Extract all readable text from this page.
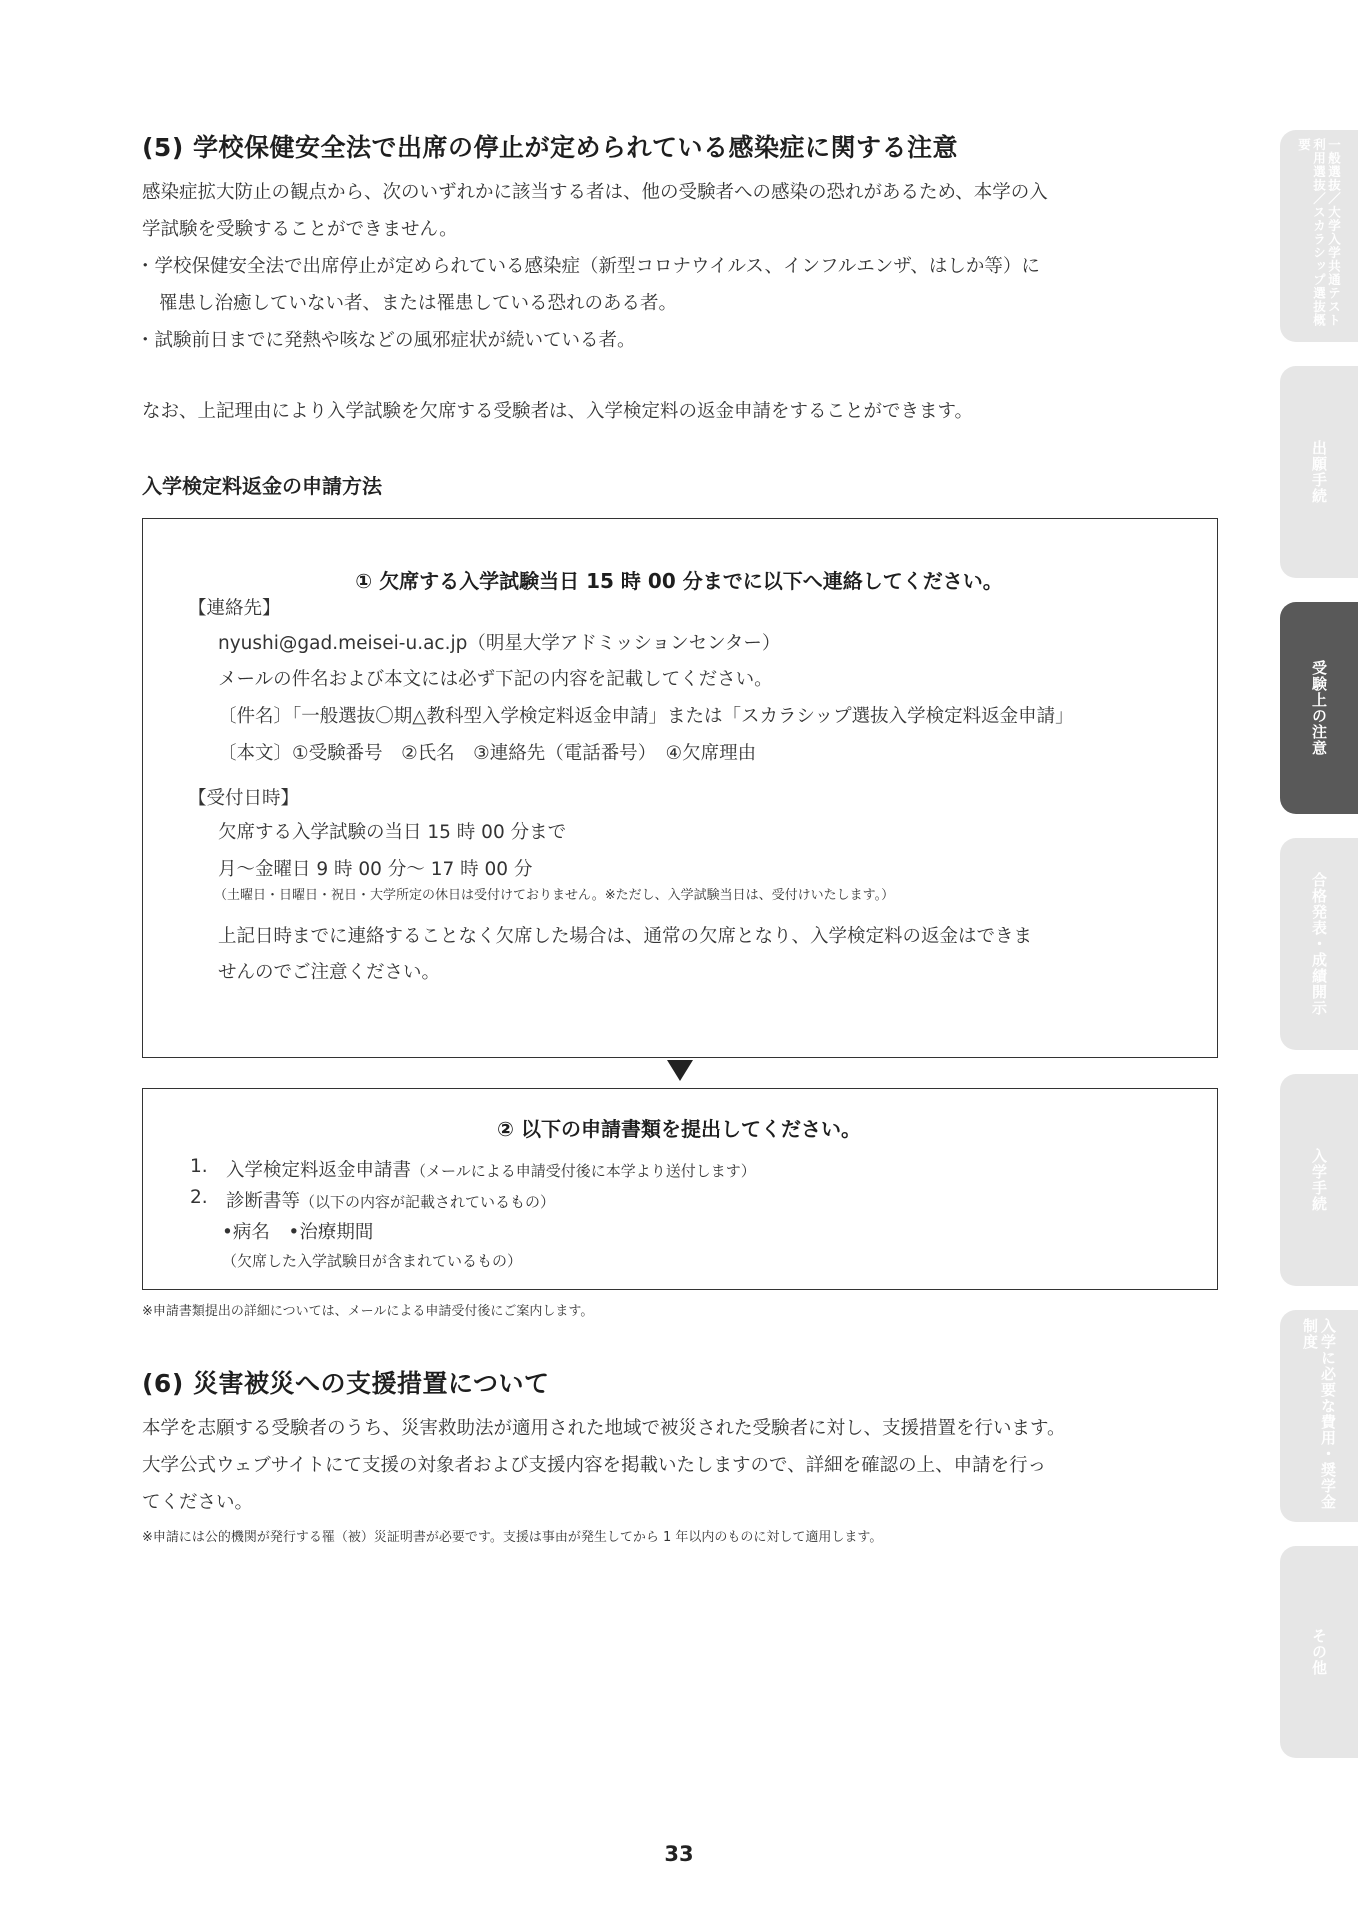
(5) 学校保健安全法で出席の停止が定められている感染症に関する注意
感染症拡大防止の観点から、次のいずれかに該当する者は、他の受験者への感染の恐れがあるため、本学の入
学試験を受験することができません。
・学校保健安全法で出席停止が定められている感染症（新型コロナウイルス、インフルエンザ、はしか等）に
罹患し治癒していない者、または罹患している恐れのある者。
・試験前日までに発熱や咳などの風邪症状が続いている者。
なお、上記理由により入学試験を欠席する受験者は、入学検定料の返金申請をすることができます。
入学検定料返金の申請方法
① 欠席する入学試験当日 15 時 00 分までに以下へ連絡してください。
【連絡先】
nyushi@gad.meisei-u.ac.jp（明星大学アドミッションセンター）
メールの件名および本文には必ず下記の内容を記載してください。
〔件名〕「一般選抜〇期△教科型入学検定料返金申請」または「スカラシップ選抜入学検定料返金申請」
〔本文〕①受験番号　②氏名　③連絡先（電話番号）　④欠席理由
【受付日時】
欠席する入学試験の当日 15 時 00 分まで
月～金曜日 9 時 00 分～ 17 時 00 分
（土曜日・日曜日・祝日・大学所定の休日は受付けておりません。※ただし、入学試験当日は、受付けいたします。）
上記日時までに連絡することなく欠席した場合は、通常の欠席となり、入学検定料の返金はできま
せんのでご注意ください。
② 以下の申請書類を提出してください。
1. 入学検定料返金申請書（メールによる申請受付後に本学より送付します）
2. 診断書等（以下の内容が記載されているもの）
•病名　•治療期間
（欠席した入学試験日が含まれているもの）
※申請書類提出の詳細については、メールによる申請受付後にご案内します。
(6) 災害被災への支援措置について
本学を志願する受験者のうち、災害救助法が適用された地域で被災された受験者に対し、支援措置を行います。
大学公式ウェブサイトにて支援の対象者および支援内容を掲載いたしますので、詳細を確認の上、申請を行っ
てください。
※申請には公的機関が発行する罹（被）災証明書が必要です。支援は事由が発生してから 1 年以内のものに対して適用します。
33
一般選抜／大学入学共通テスト利用選抜／スカラシップ選抜概要
出願手続
受験上の注意
合格発表・成績開示
入学手続
入学に必要な費用・奨学金制度
その他
